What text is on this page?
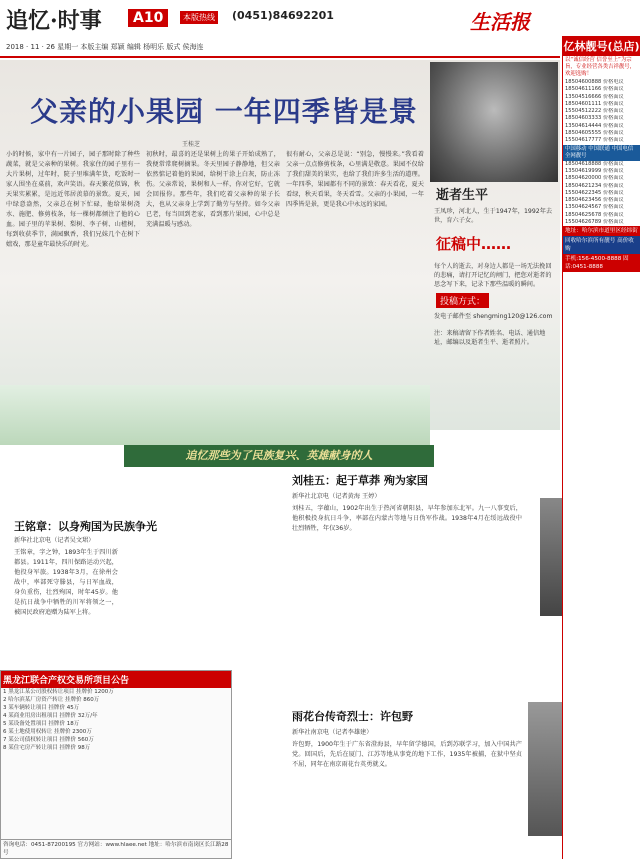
追忆·时事	A10	本版热线 (0451)84692201	生活报
2018 · 11 · 26 星期一 本版主编 郑颖 编辑 杨明乐 版式 侯海连
父亲的小果园 一年四季皆是景
王桂芝
小的时候，家中有一片园子，园子那时除了种些蔬菜，就是父亲种的果树。我家住的园子里有一大片果树，过年时，院子里堆满年货，吃饭时一家人围坐在桌前，欢声笑语。春天繁花似锦，秋天果实累累，是远近邻居羡慕的景致。夏天，园中绿意盎然，父亲总在树下忙碌，他给果树浇水、施肥、修剪枝条，每一棵树都倾注了他的心血。园子里的苹果树、梨树、李子树、山楂树，每到收获季节，满园飘香，我们兄妹几个在树下嬉戏，那是童年最快乐的时光。
初秋时，最喜的还是果树上的果子开始成熟了，我便常常爬树摘果。冬天里园子静静地，但父亲依然惦记着他的果园，给树干涂上白灰，防止冻伤。父亲常说，果树和人一样，你对它好，它就会回报你。那些年，我们吃着父亲种的果子长大，也从父亲身上学到了勤劳与坚持。如今父亲已老，每当回到老家，看到那片果园，心中总是充满温暖与感动。
很有耐心，父亲总是说：“别急，慢慢来。”我看着父亲一点点修剪枝条，心里满是敬意。果园不仅给了我们甜美的果实，也给了我们许多生活的道理。一年四季，果园都有不同的景致：春天看花，夏天看绿，秋天看果，冬天看雪。父亲的小果园，一年四季皆是景，更是我心中永远的家园。
逝者生平
王凤珍，河北人，生于1947年，1992年去世，育六子女。
征稿中……
每个人的逝去，对身边人都是一场无法挽回的悲痛，请打开记忆的闸门，把您对逝者的思念写下来，记录下那些温暖的瞬间。
投稿方式：
发电子邮件至 shengming120@126.com
注：来稿请留下作者姓名、电话、通信地址，邮编以及逝者生平、逝者照片。
追忆那些为了民族复兴、英雄献身的人
王铭章：以身殉国为民族争光
新华社北京电（记者吴文珺）
王铭章，字之钟，1893年生于四川新都县。1911年，四川保路运动兴起，他投身军旅。1938年3月，在徐州会战中，率部死守滕县，与日军血战，身负重伤，壮烈殉国，时年45岁。他是抗日战争中牺牲的川军将领之一，被国民政府追赠为陆军上将。
刘桂五：起于草莽 殉为家国
新华社北京电（记者黄海 王婷）
刘桂五，字蕴山，1902年出生于热河省朝阳县，早年参加东北军。九一八事变后，他积极投身抗日斗争，率部在内蒙古等地与日伪军作战。1938年4月在绥远战役中壮烈牺牲，年仅36岁。
雨花台传奇烈士：许包野
新华社南京电（记者李雄建）
许包野，1900年生于广东省澄海县，早年留学德国，后到苏联学习，加入中国共产党。回国后，先后在厦门、江苏等地从事党的地下工作，1935年被捕，在狱中坚贞不屈，同年在南京雨花台英勇就义。
黑龙江联合产权交易所项目公告
1 黑龙江某公司股权转让项目 挂牌价 1200万
2 哈尔滨某厂房资产转让 挂牌价 860万
3 某车辆转让项目 挂牌价 45万
4 某商业用房出租项目 挂牌价 32万/年
5 某设备处置项目 挂牌价 18万
6 某土地使用权转让 挂牌价 2300万
7 某公司债权转让项目 挂牌价 560万
8 某住宅房产转让项目 挂牌价 98万
咨询电话：0451-87200195 官方网站：www.hlaee.net 地址：哈尔滨市南岗区长江路28号
亿林靓号(总店)
以“诚信经营 信誉至上”为宗旨，专业经营各类吉祥靓号，欢迎选购！
18504600888 价格电议
18504611166 价格面议
13504516666 价格面议
18504601111 价格面议
15504512222 价格面议
18504603333 价格面议
13504614444 价格面议
18504605555 价格面议
15504617777 价格面议
中国移动 中国联通 中国电信 全网靓号
18504618888 价格面议
13504619999 价格面议
18504620000 价格面议
18504621234 价格面议
15504622345 价格面议
18504623456 价格面议
13504624567 价格面议
18504625678 价格面议
15504626789 价格面议
地址：哈尔滨市道里区经纬街
回收哈尔滨所有靓号 高价收购
手机:156-4500-8888 固话:0451-8888
